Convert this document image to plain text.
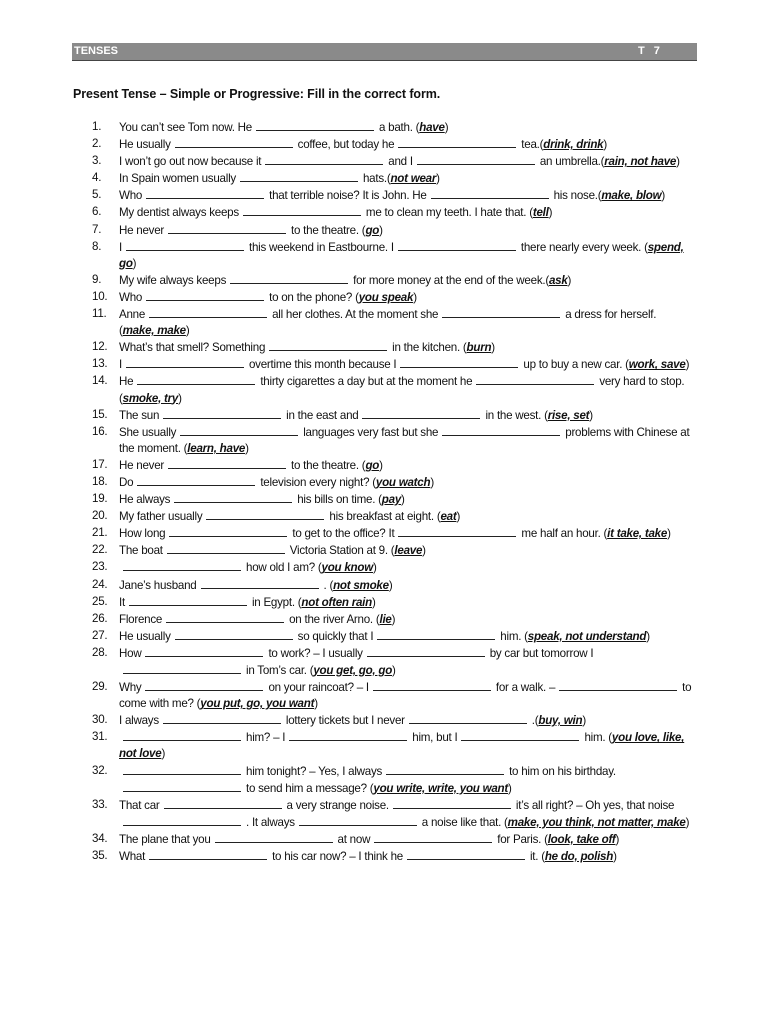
TENSES	T 7
Present Tense – Simple or Progressive: Fill in the correct form.
1. You can’t see Tom now. He	a bath. (have)
2. He usually	coffee, but today he	tea.(drink, drink)
3. I won’t go out now because it	and I	an umbrella.(rain, not have)
4. In Spain women usually	hats.(not wear)
5. Who	that terrible noise? It is John. He	his nose.(make, blow)
6. My dentist always keeps	me to clean my teeth. I hate that. (tell)
7. He never	to the theatre. (go)
8. I	this weekend in Eastbourne. I	there nearly every week. (spend, go)
9. My wife always keeps	for more money at the end of the week.(ask)
10. Who	to on the phone? (you speak)
11. Anne	all her clothes. At the moment she	a dress for herself. (make, make)
12. What’s that smell? Something	in the kitchen. (burn)
13. I	overtime this month because I	up to buy a new car. (work, save)
14. He	thirty cigarettes a day but at the moment he	very hard to stop. (smoke, try)
15. The sun	in the east and	in the west. (rise, set)
16. She usually	languages very fast but she	problems with Chinese at the moment. (learn, have)
17. He never	to the theatre. (go)
18. Do	television every night? (you watch)
19. He always	his bills on time. (pay)
20. My father usually	his breakfast at eight. (eat)
21. How long	to get to the office? It	me half an hour. (it take, take)
22. The boat	Victoria Station at 9. (leave)
23.	how old I am? (you know)
24. Jane’s husband	. (not smoke)
25. It	in Egypt. (not often rain)
26. Florence	on the river Arno. (lie)
27. He usually	so quickly that I	him. (speak, not understand)
28. How	to work? – I usually	by car but tomorrow Iin Tom’s car. (you get, go, go)
29. Why	on your raincoat? – I	for a walk. –	to come with me? (you put, go, you want)
30. I always	lottery tickets but I never	.(buy, win)
31.	him? – I	him, but I	him. (you love, like, not love)
32.	him tonight? – Yes, I always	to him on his birthday.to send him a message? (you write, write, you want)
33. That car	a very strange noise.	it’s all right? – Oh yes, that noise. It always	a noise like that. (make, you think, not matter, make)
34. The plane that you	at now	for Paris. (look, take off)
35. What	to his car now? – I think he	it. (he do, polish)
